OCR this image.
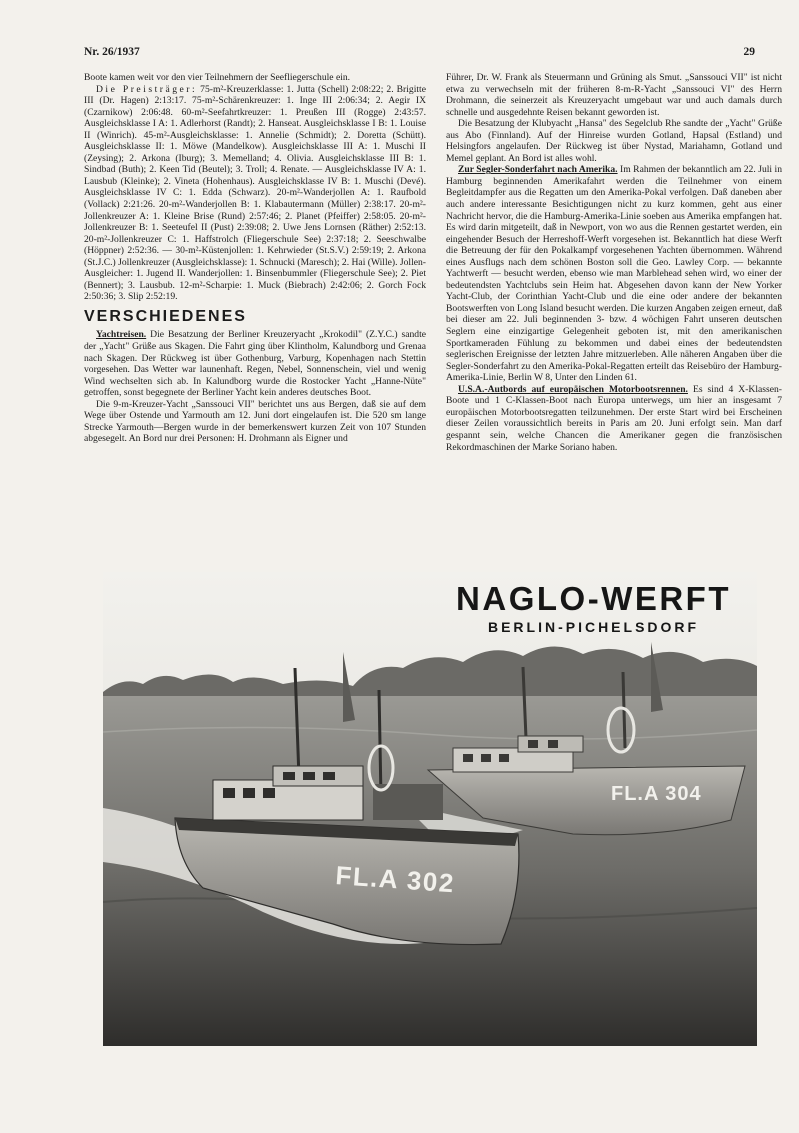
Nr. 26/1937	29

Boote kamen weit vor den vier Teilnehmern der Seefliegerschule ein.

Die Preisträger: 75-m²-Kreuzerklasse: 1. Jutta (Schell) 2:08:22; 2. Brigitte III (Dr. Hagen) 2:13:17. 75-m²-Schärenkreuzer: 1. Inge III 2:06:34; 2. Aegir IX (Czarnikow) 2:06:48. 60-m²-Seefahrtkreuzer: 1. Preußen III (Rogge) 2:43:57. Ausgleichsklasse I A: 1. Adlerhorst (Randt); 2. Hanseat. Ausgleichsklasse I B: 1. Louise II (Winrich). 45-m²-Ausgleichsklasse: 1. Annelie (Schmidt); 2. Doretta (Schütt). Ausgleichsklasse II: 1. Möwe (Mandelkow). Ausgleichsklasse III A: 1. Muschi II (Zeysing); 2. Arkona (Iburg); 3. Memelland; 4. Olivia. Ausgleichsklasse III B: 1. Sindbad (Buth); 2. Keen Tid (Beutel); 3. Troll; 4. Renate. — Ausgleichsklasse IV A: 1. Lausbub (Kleinke); 2. Vineta (Hohenhaus). Ausgleichsklasse IV B: 1. Muschi (Devé). Ausgleichsklasse IV C: 1. Edda (Schwarz). 20-m²-Wanderjollen A: 1. Raufbold (Vollack) 2:21:26. 20-m²-Wanderjollen B: 1. Klabautermann (Müller) 2:38:17. 20-m²-Jollenkreuzer A: 1. Kleine Brise (Rund) 2:57:46; 2. Planet (Pfeiffer) 2:58:05. 20-m²-Jollenkreuzer B: 1. Seeteufel II (Pust) 2:39:08; 2. Uwe Jens Lornsen (Räther) 2:52:13. 20-m²-Jollenkreuzer C: 1. Haffstrolch (Fliegerschule See) 2:37:18; 2. Seeschwalbe (Höppner) 2:52:36. — 30-m²-Küstenjollen: 1. Kehrwieder (St.S.V.) 2:59:19; 2. Arkona (St.J.C.) Jollenkreuzer (Ausgleichsklasse): 1. Schnucki (Maresch); 2. Hai (Wille). Jollen-Ausgleicher: 1. Jugend II. Wanderjollen: 1. Binsenbummler (Fliegerschule See); 2. Piet (Bennert); 3. Lausbub. 12-m²-Scharpie: 1. Muck (Biebrach) 2:42:06; 2. Gorch Fock 2:50:36; 3. Slip 2:52:19.

VERSCHIEDENES

Yachtreisen. Die Besatzung der Berliner Kreuzeryacht „Krokodil" (Z.Y.C.) sandte der „Yacht" Grüße aus Skagen. Die Fahrt ging über Klintholm, Kalundborg und Grenaa nach Skagen. Der Rückweg ist über Gothenburg, Varburg, Kopenhagen nach Stettin vorgesehen. Das Wetter war launenhaft. Regen, Nebel, Sonnenschein, viel und wenig Wind wechselten sich ab. In Kalundborg wurde die Rostocker Yacht „Hanne-Nüte" getroffen, sonst begegnete der Berliner Yacht kein anderes deutsches Boot.

Die 9-m-Kreuzer-Yacht „Sanssouci VII" berichtet uns aus Bergen, daß sie auf dem Wege über Ostende und Yarmouth am 12. Juni dort eingelaufen ist. Die 520 sm lange Strecke Yarmouth—Bergen wurde in der bemerkenswert kurzen Zeit von 107 Stunden abgesegelt. An Bord nur drei Personen: H. Drohmann als Eigner und

Führer, Dr. W. Frank als Steuermann und Grüning als Smut. „Sanssouci VII" ist nicht etwa zu verwechseln mit der früheren 8-m-R-Yacht „Sanssouci VI" des Herrn Drohmann, die seinerzeit als Kreuzeryacht umgebaut war und auch damals durch schnelle und ausgedehnte Reisen bekannt geworden ist.

Die Besatzung der Klubyacht „Hansa" des Segelclub Rhe sandte der „Yacht" Grüße aus Abo (Finnland). Auf der Hinreise wurden Gotland, Hapsal (Estland) und Helsingfors angelaufen. Der Rückweg ist über Nystad, Mariahamn, Gotland und Memel geplant. An Bord ist alles wohl.

Zur Segler-Sonderfahrt nach Amerika. Im Rahmen der bekanntlich am 22. Juli in Hamburg beginnenden Amerikafahrt werden die Teilnehmer von einem Begleitdampfer aus die Regatten um den Amerika-Pokal verfolgen. Daß daneben aber auch andere interessante Besichtigungen nicht zu kurz kommen, geht aus einer Nachricht hervor, die die Hamburg-Amerika-Linie soeben aus Amerika empfangen hat. Es wird darin mitgeteilt, daß in Newport, von wo aus die Rennen gestartet werden, ein eingehender Besuch der Herreshoff-Werft vorgesehen ist. Bekanntlich hat diese Werft die Betreuung der für den Pokalkampf vorgesehenen Yachten übernommen. Während eines Ausflugs nach dem schönen Boston soll die Geo. Lawley Corp. — bekannte Yachtwerft — besucht werden, ebenso wie man Marblehead sehen wird, wo einer der bedeutendsten Yachtclubs sein Heim hat. Abgesehen davon kann der New Yorker Yacht-Club, der Corinthian Yacht-Club und die eine oder andere der bekannten Bootswerften von Long Island besucht werden. Die kurzen Angaben zeigen erneut, daß bei dieser am 22. Juli beginnenden 3- bzw. 4 wöchigen Fahrt unseren deutschen Seglern eine einzigartige Gelegenheit geboten ist, mit den amerikanischen Sportkameraden Fühlung zu bekommen und dabei eines der bedeutendsten seglerischen Ereignisse der letzten Jahre mitzuerleben. Alle näheren Angaben über die Segler-Sonderfahrt zu den Amerika-Pokal-Regatten erteilt das Reisebüro der Hamburg-Amerika-Linie, Berlin W 8, Unter den Linden 61.

U.S.A.-Autbords auf europäischen Motorbootsrennen. Es sind 4 X-Klassen-Boote und 1 C-Klassen-Boot nach Europa unterwegs, um hier an insgesamt 7 europäischen Motorbootsregatten teilzunehmen. Der erste Start wird bei Erscheinen dieser Zeilen voraussichtlich bereits in Paris am 20. Juni erfolgt sein. Man darf gespannt sein, welche Chancen die Amerikaner gegen die französischen Rekordmaschinen der Marke Soriano haben.

FL.A 304
FL.A 302
NAGLO-WERFT
BERLIN-PICHELSDORF
